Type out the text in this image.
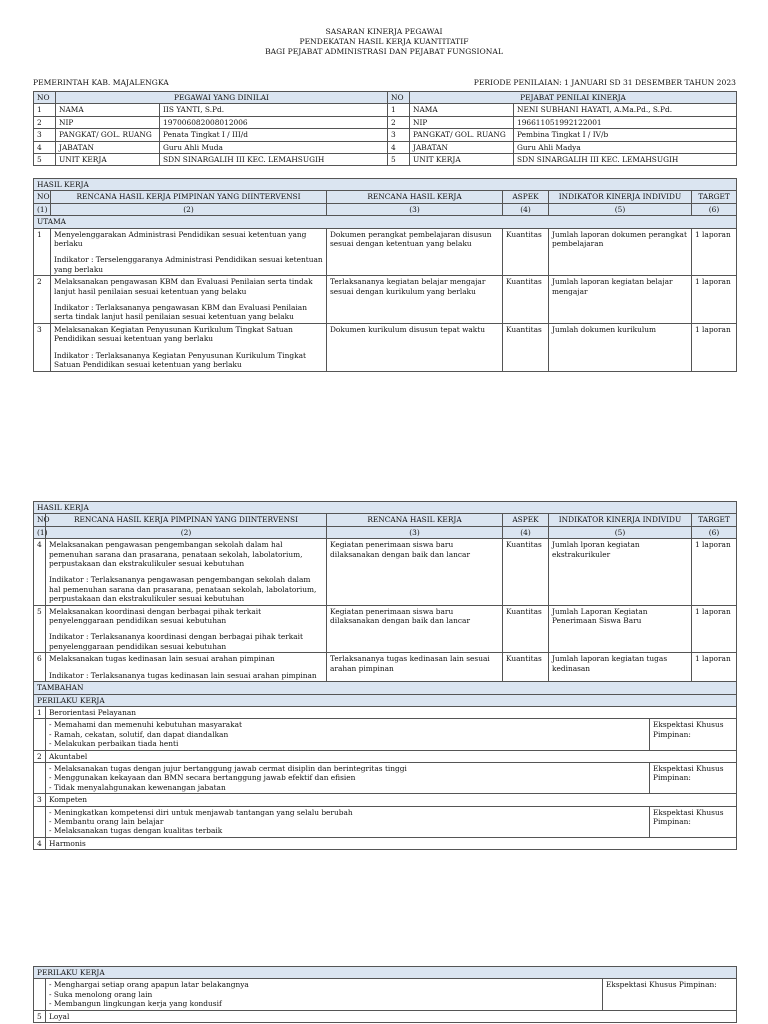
SASARAN KINERJA PEGAWAI
PENDEKATAN HASIL KERJA KUANTITATIF
BAGI PEJABAT ADMINISTRASI DAN PEJABAT FUNGSIONAL
PEMERINTAH KAB. MAJALENGKA	PERIODE PENILAIAN: 1 JANUARI SD 31 DESEMBER TAHUN 2023
NO	PEGAWAI YANG DINILAI		NO	PEJABAT PENILAI KINERJA	
1	NAMA	IIS YANTI, S.Pd.	1	NAMA	NENI SUBHANI HAYATI, A.Ma.Pd., S.Pd.
2	NIP	197006082008012006	2	NIP	196611051992122001
3	PANGKAT/ GOL. RUANG	Penata Tingkat I / III/d	3	PANGKAT/ GOL. RUANG	Pembina Tingkat I / IV/b
4	JABATAN	Guru Ahli Muda	4	JABATAN	Guru Ahli Madya
5	UNIT KERJA	SDN SINARGALIH III KEC. LEMAHSUGIH	5	UNIT KERJA	SDN SINARGALIH III KEC. LEMAHSUGIH
HASIL KERJA					
NO	RENCANA HASIL KERJA PIMPINAN YANG DIINTERVENSI	RENCANA HASIL KERJA	ASPEK	INDIKATOR KINERJA INDIVIDU	TARGET
(1)	(2)	(3)	(4)	(5)	(6)
UTAMA					
1	Menyelenggarakan Administrasi Pendidikan sesuai ketentuan yang berlaku
Indikator : Terselenggaranya Administrasi Pendidikan sesuai ketentuan yang berlaku	Dokumen perangkat pembelajaran disusun sesuai dengan ketentuan yang belaku	Kuantitas	Jumlah laporan dokumen perangkat pembelajaran	1 laporan
2	Melaksanakan pengawasan KBM dan Evaluasi Penilaian serta tindak lanjut hasil penilaian sesuai ketentuan yang belaku
Indikator : Terlaksananya pengawasan KBM dan Evaluasi Penilaian serta tindak lanjut hasil penilaian sesuai ketentuan yang belaku	Terlaksananya kegiatan belajar mengajar sesuai dengan kurikulum yang berlaku	Kuantitas	Jumlah laporan kegiatan belajar mengajar	1 laporan
3	Melaksanakan Kegiatan Penyusunan Kurikulum Tingkat Satuan Pendidikan sesuai ketentuan yang berlaku
Indikator : Terlaksananya Kegiatan Penyusunan Kurikulum Tingkat Satuan Pendidikan sesuai ketentuan yang berlaku	Dokumen kurikulum disusun tepat waktu	Kuantitas	Jumlah dokumen kurikulum	1 laporan
HASIL KERJA						
NO	RENCANA HASIL KERJA PIMPINAN YANG DIINTERVENSI	RENCANA HASIL KERJA	ASPEK	INDIKATOR KINERJA INDIVIDU		TARGET
(1)	(2)	(3)	(4)	(5)		(6)
4	Melaksanakan pengawasan pengembangan sekolah dalam hal pemenuhan sarana dan prasarana, penataan sekolah, labolatorium, perpustakaan dan ekstrakulikuler sesuai kebutuhan
Indikator : Terlaksananya pengawasan pengembangan sekolah dalam hal pemenuhan sarana dan prasarana, penataan sekolah, labolatorium, perpustakaan dan ekstrakulikuler sesuai kebutuhan	Kegiatan penerimaan siswa baru dilaksanakan dengan baik dan lancar	Kuantitas	Jumlah lporan kegiatan ekstrakurikuler		1 laporan
5	Melaksanakan koordinasi dengan berbagai pihak terkait penyelenggaraan pendidikan sesuai kebutuhan
Indikator : Terlaksananya koordinasi dengan berbagai pihak terkait penyelenggaraan pendidikan sesuai kebutuhan	Kegiatan penerimaan siswa baru dilaksanakan dengan baik dan lancar	Kuantitas	Jumlah Laporan Kegiatan Penerimaan Siswa Baru		1 laporan
6	Melaksanakan tugas kedinasan lain sesuai arahan pimpinan
Indikator : Terlaksananya tugas kedinasan lain sesuai arahan pimpinan	Terlaksananya tugas kedinasan lain sesuai arahan pimpinan	Kuantitas	Jumlah laporan kegiatan tugas kedinasan		1 laporan
TAMBAHAN						
PERILAKU KERJA						
1	Berorientasi Pelayanan					

	- Memahami dan memenuhi kebutuhan masyarakat
- Ramah, cekatan, solutif, dan dapat diandalkan
- Melakukan perbaikan tiada henti				Ekspektasi Khusus Pimpinan:	
2	Akuntabel					

	- Melaksanakan tugas dengan jujur bertanggung jawab cermat disiplin dan berintegritas tinggi
- Menggunakan kekayaan dan BMN secara bertanggung jawab efektif dan efisien
- Tidak menyalahgunakan kewenangan jabatan				Ekspektasi Khusus Pimpinan:	
3	Kompeten					

	- Meningkatkan kompetensi diri untuk menjawab tantangan yang selalu berubah
- Membantu orang lain belajar
- Melaksanakan tugas dengan kualitas terbaik				Ekspektasi Khusus Pimpinan:	
4	Harmonis					
PERILAKU KERJA		

	- Menghargai setiap orang apapun latar belakangnya
- Suka menolong orang lain
- Membangun lingkungan kerja yang kondusif	Ekspektasi Khusus Pimpinan:
5	Loyal	
